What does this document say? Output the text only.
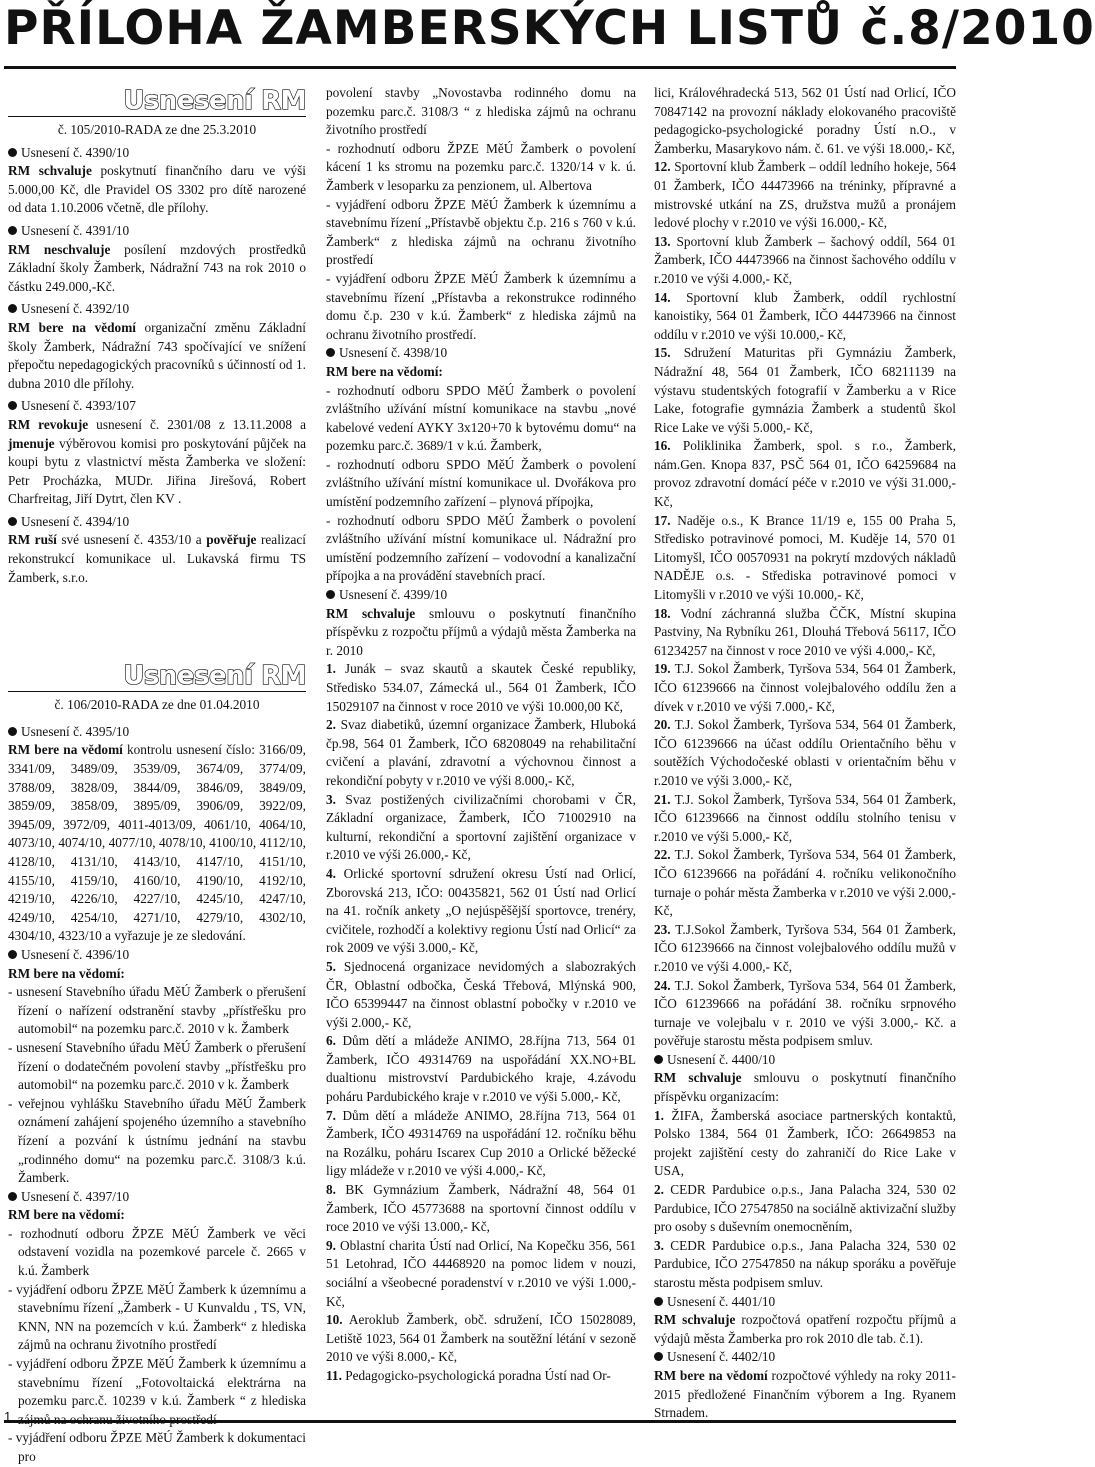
PŘÍLOHA ŽAMBERSKÝCH LISTŮ č.8/2010
Usnesení RM

č. 105/2010-RADA ze dne 25.3.2010

Usnesení č. 4390/10

RM schvaluje poskytnutí finančního daru ve výši 5.000,00 Kč, dle Pravidel OS 3302 pro dítě narozené od data 1.10.2006 včetně, dle přílohy.

Usnesení č. 4391/10

RM neschvaluje posílení mzdových prostředků Základní školy Žamberk, Nádražní 743 na rok 2010 o částku 249.000,-Kč.

Usnesení č. 4392/10

RM bere na vědomí organizační změnu Základní školy Žamberk, Nádražní 743 spočívající ve snížení přepočtu nepedagogických pracovníků s účinností od 1. dubna 2010 dle přílohy.

Usnesení č. 4393/107

RM revokuje usnesení č. 2301/08 z 13.11.2008 a jmenuje výběrovou komisi pro poskytování půjček na koupi bytu z vlastnictví města Žamberka ve složení: Petr Procházka, MUDr. Jiřina Jirešová, Robert Charfreitag, Jiří Dytrt, člen KV .

Usnesení č. 4394/10

RM ruší své usnesení č. 4353/10 a pověřuje realizací rekonstrukcí komunikace ul. Lukavská firmu TS Žamberk, s.r.o.

Usnesení RM

č. 106/2010-RADA ze dne 01.04.2010

Usnesení č. 4395/10

RM bere na vědomí kontrolu usnesení číslo: 3166/09, 3341/09, 3489/09, 3539/09, 3674/09, 3774/09, 3788/09, 3828/09, 3844/09, 3846/09, 3849/09, 3859/09, 3858/09, 3895/09, 3906/09, 3922/09, 3945/09, 3972/09, 4011-4013/09, 4061/10, 4064/10, 4073/10, 4074/10, 4077/10, 4078/10, 4100/10, 4112/10, 4128/10, 4131/10, 4143/10, 4147/10, 4151/10, 4155/10, 4159/10, 4160/10, 4190/10, 4192/10, 4219/10, 4226/10, 4227/10, 4245/10, 4247/10, 4249/10, 4254/10, 4271/10, 4279/10, 4302/10, 4304/10, 4323/10 a vyřazuje je ze sledování.

Usnesení č. 4396/10

RM bere na vědomí:

- usnesení Stavebního úřadu MěÚ Žamberk o přerušení řízení o nařízení odstranění stavby „přístřešku pro automobil“ na pozemku parc.č. 2010 v k. Žamberk

- usnesení Stavebního úřadu MěÚ Žamberk o přerušení řízení o dodatečném povolení stavby „přístřešku pro automobil“ na pozemku parc.č. 2010 v k. Žamberk

- veřejnou vyhlášku Stavebního úřadu MěÚ Žamberk oznámení zahájení spojeného územního a stavebního řízení a pozvání k ústnímu jednání na stavbu „rodinného domu“ na pozemku parc.č. 3108/3 k.ú. Žamberk.

Usnesení č. 4397/10

RM bere na vědomí:

- rozhodnutí odboru ŽPZE MěÚ Žamberk ve věci odstavení vozidla na pozemkové parcele č. 2665 v k.ú. Žamberk

- vyjádření odboru ŽPZE MěÚ Žamberk k územnímu a stavebnímu řízení „Žamberk - U Kunvaldu , TS, VN, KNN, NN na pozemcích v k.ú. Žamberk“ z hlediska zájmů na ochranu životního prostředí

- vyjádření odboru ŽPZE MěÚ Žamberk k územnímu a stavebnímu řízení „Fotovoltaická elektrárna na pozemku parc.č. 10239 v k.ú. Žamberk “ z hlediska

- vyjádření odboru ŽPZE MěÚ Žamberk k dokumentaci pro

povolení stavby „Novostavba rodinného domu na pozemku parc.č. 3108/3 “ z hlediska zájmů na ochranu životního prostředí

- rozhodnutí odboru ŽPZE MěÚ Žamberk o povolení kácení 1 ks stromu na pozemku parc.č. 1320/14 v k. ú. Žamberk v lesoparku za penzionem, ul. Albertova

- vyjádření odboru ŽPZE MěÚ Žamberk k územnímu a stavebnímu řízení „Přístavbě objektu č.p. 216 s 760 v k.ú. Žamberk“ z hlediska zájmů na ochranu životního prostředí

- vyjádření odboru ŽPZE MěÚ Žamberk k územnímu a stavebnímu řízení „Přístavba a rekonstrukce rodinného domu č.p. 230 v k.ú. Žamberk“ z hlediska zájmů na ochranu životního prostředí.

Usnesení č. 4398/10

RM bere na vědomí:

- rozhodnutí odboru SPDO MěÚ Žamberk o povolení zvláštního užívání místní komunikace na stavbu „nové kabelové vedení AYKY 3x120+70 k bytovému domu“ na pozemku parc.č. 3689/1 v k.ú. Žamberk,

- rozhodnutí odboru SPDO MěÚ Žamberk o povolení zvláštního užívání místní komunikace ul. Dvořákova pro umístění podzemního zařízení – plynová přípojka,

- rozhodnutí odboru SPDO MěÚ Žamberk o povolení zvláštního užívání místní komunikace ul. Nádražní pro umístění podzemního zařízení – vodovodní a kanalizační přípojka a na provádění stavebních prací.

Usnesení č. 4399/10

RM schvaluje smlouvu o poskytnutí finančního příspěvku z rozpočtu příjmů a výdajů města Žamberka na r. 2010

1. Junák – svaz skautů a skautek České republiky, Středisko 534.07, Zámecká ul., 564 01 Žamberk, IČO 15029107 na činnost v roce 2010 ve výši 10.000,00 Kč,

2. Svaz diabetiků, územní organizace Žamberk, Hluboká čp.98, 564 01 Žamberk, IČO 68208049 na rehabilitační cvičení a plavání, zdravotní a výchovnou činnost a rekondiční pobyty v r.2010 ve výši 8.000,- Kč,

3. Svaz postižených civilizačními chorobami v ČR, Základní organizace, Žamberk, IČO 71002910 na kulturní, rekondiční a sportovní zajištění organizace v r.2010 ve výši 26.000,- Kč,

4. Orlické sportovní sdružení okresu Ústí nad Orlicí, Zborovská 213, IČO: 00435821, 562 01 Ústí nad Orlicí na 41. ročník ankety „O nejúspěšější sportovce, trenéry, cvičitele, rozhodčí a kolektivy regionu Ústí nad Orlicí“ za rok 2009 ve výši 3.000,- Kč,

5. Sjednocená organizace nevidomých a slabozrakých ČR, Oblastní odbočka, Česká Třebová, Mlýnská 900, IČO 65399447 na činnost oblastní pobočky v r.2010 ve výši 2.000,- Kč,

6. Dům dětí a mládeže ANIMO, 28.října 713, 564 01 Žamberk, IČO 49314769 na uspořádání XX.NO+BL dualtionu mistrovství Pardubického kraje, 4.závodu poháru Pardubického kraje v r.2010 ve výši 5.000,- Kč,

7. Dům dětí a mládeže ANIMO, 28.října 713, 564 01 Žamberk, IČO 49314769 na uspořádání 12. ročníku běhu na Rozálku, poháru Iscarex Cup 2010 a Orlické běžecké ligy mládeže v r.2010 ve výši 4.000,- Kč,

8. BK Gymnázium Žamberk, Nádražní 48, 564 01 Žamberk, IČO 45773688 na sportovní činnost oddílu v roce 2010 ve výši 13.000,- Kč,

9. Oblastní charita Ústí nad Orlicí, Na Kopečku 356, 561 51 Letohrad, IČO 44468920 na pomoc lidem v nouzi, sociální a všeobecné poradenství v r.2010 ve výši 1.000,- Kč,

10. Aeroklub Žamberk, obč. sdružení, IČO 15028089, Letiště 1023, 564 01 Žamberk na soutěžní létání v sezoně 2010 ve výši 8.000,- Kč,

11. Pedagogicko-psychologická poradna Ústí nad Or-

lici, Královéhradecká 513, 562 01 Ústí nad Orlicí, IČO 70847142 na provozní náklady elokovaného pracoviště pedagogicko-psychologické poradny Ústí n.O., v Žamberku, Masarykovo nám. č. 61. ve výši 18.000,- Kč,

12. Sportovní klub Žamberk – oddíl ledního hokeje, 564 01 Žamberk, IČO 44473966 na tréninky, přípravné a mistrovské utkání na ZS, družstva mužů a pronájem ledové plochy v r.2010 ve výši 16.000,- Kč,

13. Sportovní klub Žamberk – šachový oddíl, 564 01 Žamberk, IČO 44473966 na činnost šachového oddílu v r.2010 ve výši 4.000,- Kč,

14. Sportovní klub Žamberk, oddíl rychlostní kanoistiky, 564 01 Žamberk, IČO 44473966 na činnost oddílu v r.2010 ve výši 10.000,- Kč,

15. Sdružení Maturitas při Gymnáziu Žamberk, Nádražní 48, 564 01 Žamberk, IČO 68211139 na výstavu studentských fotografií v Žamberku a v Rice Lake, fotografie gymnázia Žamberk a studentů škol Rice Lake ve výši 5.000,- Kč,

16. Poliklinika Žamberk, spol. s r.o., Žamberk, nám.Gen. Knopa 837, PSČ 564 01, IČO 64259684 na provoz zdravotní domácí péče v r.2010 ve výši 31.000,- Kč,

17. Naděje o.s., K Brance 11/19 e, 155 00 Praha 5, Středisko potravinové pomoci, M. Kuděje 14, 570 01 Litomyšl, IČO 00570931 na pokrytí mzdových nákladů NADĚJE o.s. - Střediska potravinové pomoci v Litomyšli v r.2010 ve výši 10.000,- Kč,

18. Vodní záchranná služba ČČK, Místní skupina Pastviny, Na Rybníku 261, Dlouhá Třebová 56117, IČO 61234257 na činnost v roce 2010 ve výši 4.000,- Kč,

19. T.J. Sokol Žamberk, Tyršova 534, 564 01 Žamberk, IČO 61239666 na činnost volejbalového oddílu žen a dívek v r.2010 ve výši 7.000,- Kč,

20. T.J. Sokol Žamberk, Tyršova 534, 564 01 Žamberk, IČO 61239666 na účast oddílu Orientačního běhu v soutěžích Východočeské oblasti v orientačním běhu v r.2010 ve výši 3.000,- Kč,

21. T.J. Sokol Žamberk, Tyršova 534, 564 01 Žamberk, IČO 61239666 na činnost oddílu stolního tenisu v r.2010 ve výši 5.000,- Kč,

22. T.J. Sokol Žamberk, Tyršova 534, 564 01 Žamberk, IČO 61239666 na pořádání 4. ročníku velikonočního turnaje o pohár města Žamberka v r.2010 ve výši 2.000,- Kč,

23. T.J.Sokol Žamberk, Tyršova 534, 564 01 Žamberk, IČO 61239666 na činnost volejbalového oddílu mužů v r.2010 ve výši 4.000,- Kč,

24. T.J. Sokol Žamberk, Tyršova 534, 564 01 Žamberk, IČO 61239666 na pořádání 38. ročníku srpnového turnaje ve volejbalu v r. 2010 ve výši 3.000,- Kč. a pověřuje starostu města podpisem smluv.

Usnesení č. 4400/10

RM schvaluje smlouvu o poskytnutí finančního příspěvku organizacím:

1. ŽIFA, Žamberská asociace partnerských kontaktů, Polsko 1384, 564 01 Žamberk, IČO: 26649853 na projekt zajištění cesty do zahraničí do Rice Lake v USA,

2. CEDR Pardubice o.p.s., Jana Palacha 324, 530 02 Pardubice, IČO 27547850 na sociálně aktivizační služby pro osoby s duševním onemocněním,

3. CEDR Pardubice o.p.s., Jana Palacha 324, 530 02 Pardubice, IČO 27547850 na nákup sporáku a pověřuje starostu města podpisem smluv.

Usnesení č. 4401/10

RM schvaluje rozpočtová opatření rozpočtu příjmů a výdajů města Žamberka pro rok 2010 dle tab. č.1).

Usnesení č. 4402/10

RM bere na vědomí rozpočtové výhledy na roky 2011-2015 předložené Finančním výborem a Ing. Ryanem Strnadem.

1
